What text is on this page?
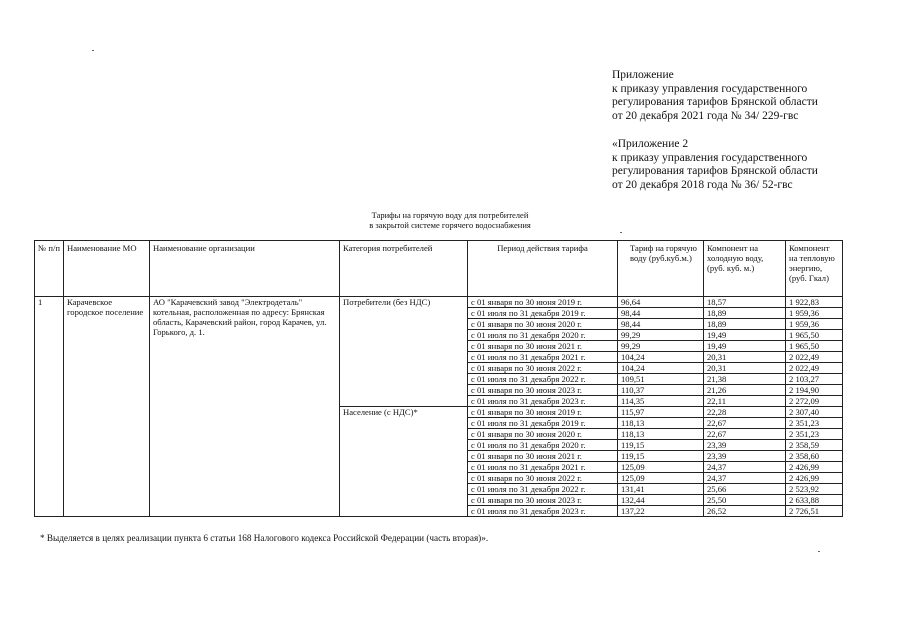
Приложение
к приказу управления государственного
регулирования тарифов Брянской области
от 20 декабря 2021 года № 34/ 229-гвс
«Приложение 2
к приказу управления государственного
регулирования тарифов Брянской области
от 20 декабря 2018 года № 36/ 52-гвс
Тарифы на горячую воду для потребителей
в закрытой системе горячего водоснабжения
№ п/п	Наименование МО	Наименование организации	Категория потребителей	Период действия тарифа	Тариф на горячую воду (руб.куб.м.)	Компонент на холодную воду, (руб. куб. м.)	Компонент на тепловую энергию, (руб. Гкал)
1	Карачевское городское поселение	АО "Карачевский завод "Электродеталь" котельная, расположенная по адресу: Брянская область, Карачевский район, город Карачев, ул. Горького, д. 1.	Потребители (без НДС)	с 01 января по 30 июня 2019 г.	96,64	18,57	1 922,83
				с 01 июля по 31 декабря 2019 г.	98,44	18,89	1 959,36
				с 01 января по 30 июня 2020 г.	98,44	18,89	1 959,36
				с 01 июля по 31 декабря 2020 г.	99,29	19,49	1 965,50
				с 01 января по 30 июня 2021 г.	99,29	19,49	1 965,50
				с 01 июля по 31 декабря 2021 г.	104,24	20,31	2 022,49
				с 01 января по 30 июня 2022 г.	104,24	20,31	2 022,49
				с 01 июля по 31 декабря 2022 г.	109,51	21,38	2 103,27
				с 01 января по 30 июня 2023 г.	110,37	21,26	2 194,90
				с 01 июля по 31 декабря 2023 г.	114,35	22,11	2 272,09
			Население (с НДС)*	с 01 января по 30 июня 2019 г.	115,97	22,28	2 307,40
				с 01 июля по 31 декабря 2019 г.	118,13	22,67	2 351,23
				с 01 января по 30 июня 2020 г.	118,13	22,67	2 351,23
				с 01 июля по 31 декабря 2020 г.	119,15	23,39	2 358,59
				с 01 января по 30 июня 2021 г.	119,15	23,39	2 358,60
				с 01 июля по 31 декабря 2021 г.	125,09	24,37	2 426,99
				с 01 января по 30 июня 2022 г.	125,09	24,37	2 426,99
				с 01 июля по 31 декабря 2022 г.	131,41	25,66	2 523,92
				с 01 января по 30 июня 2023 г.	132,44	25,50	2 633,88
				с 01 июля по 31 декабря 2023 г.	137,22	26,52	2 726,51
* Выделяется в целях реализации пункта 6 статьи 168 Налогового кодекса Российской Федерации (часть вторая)».
